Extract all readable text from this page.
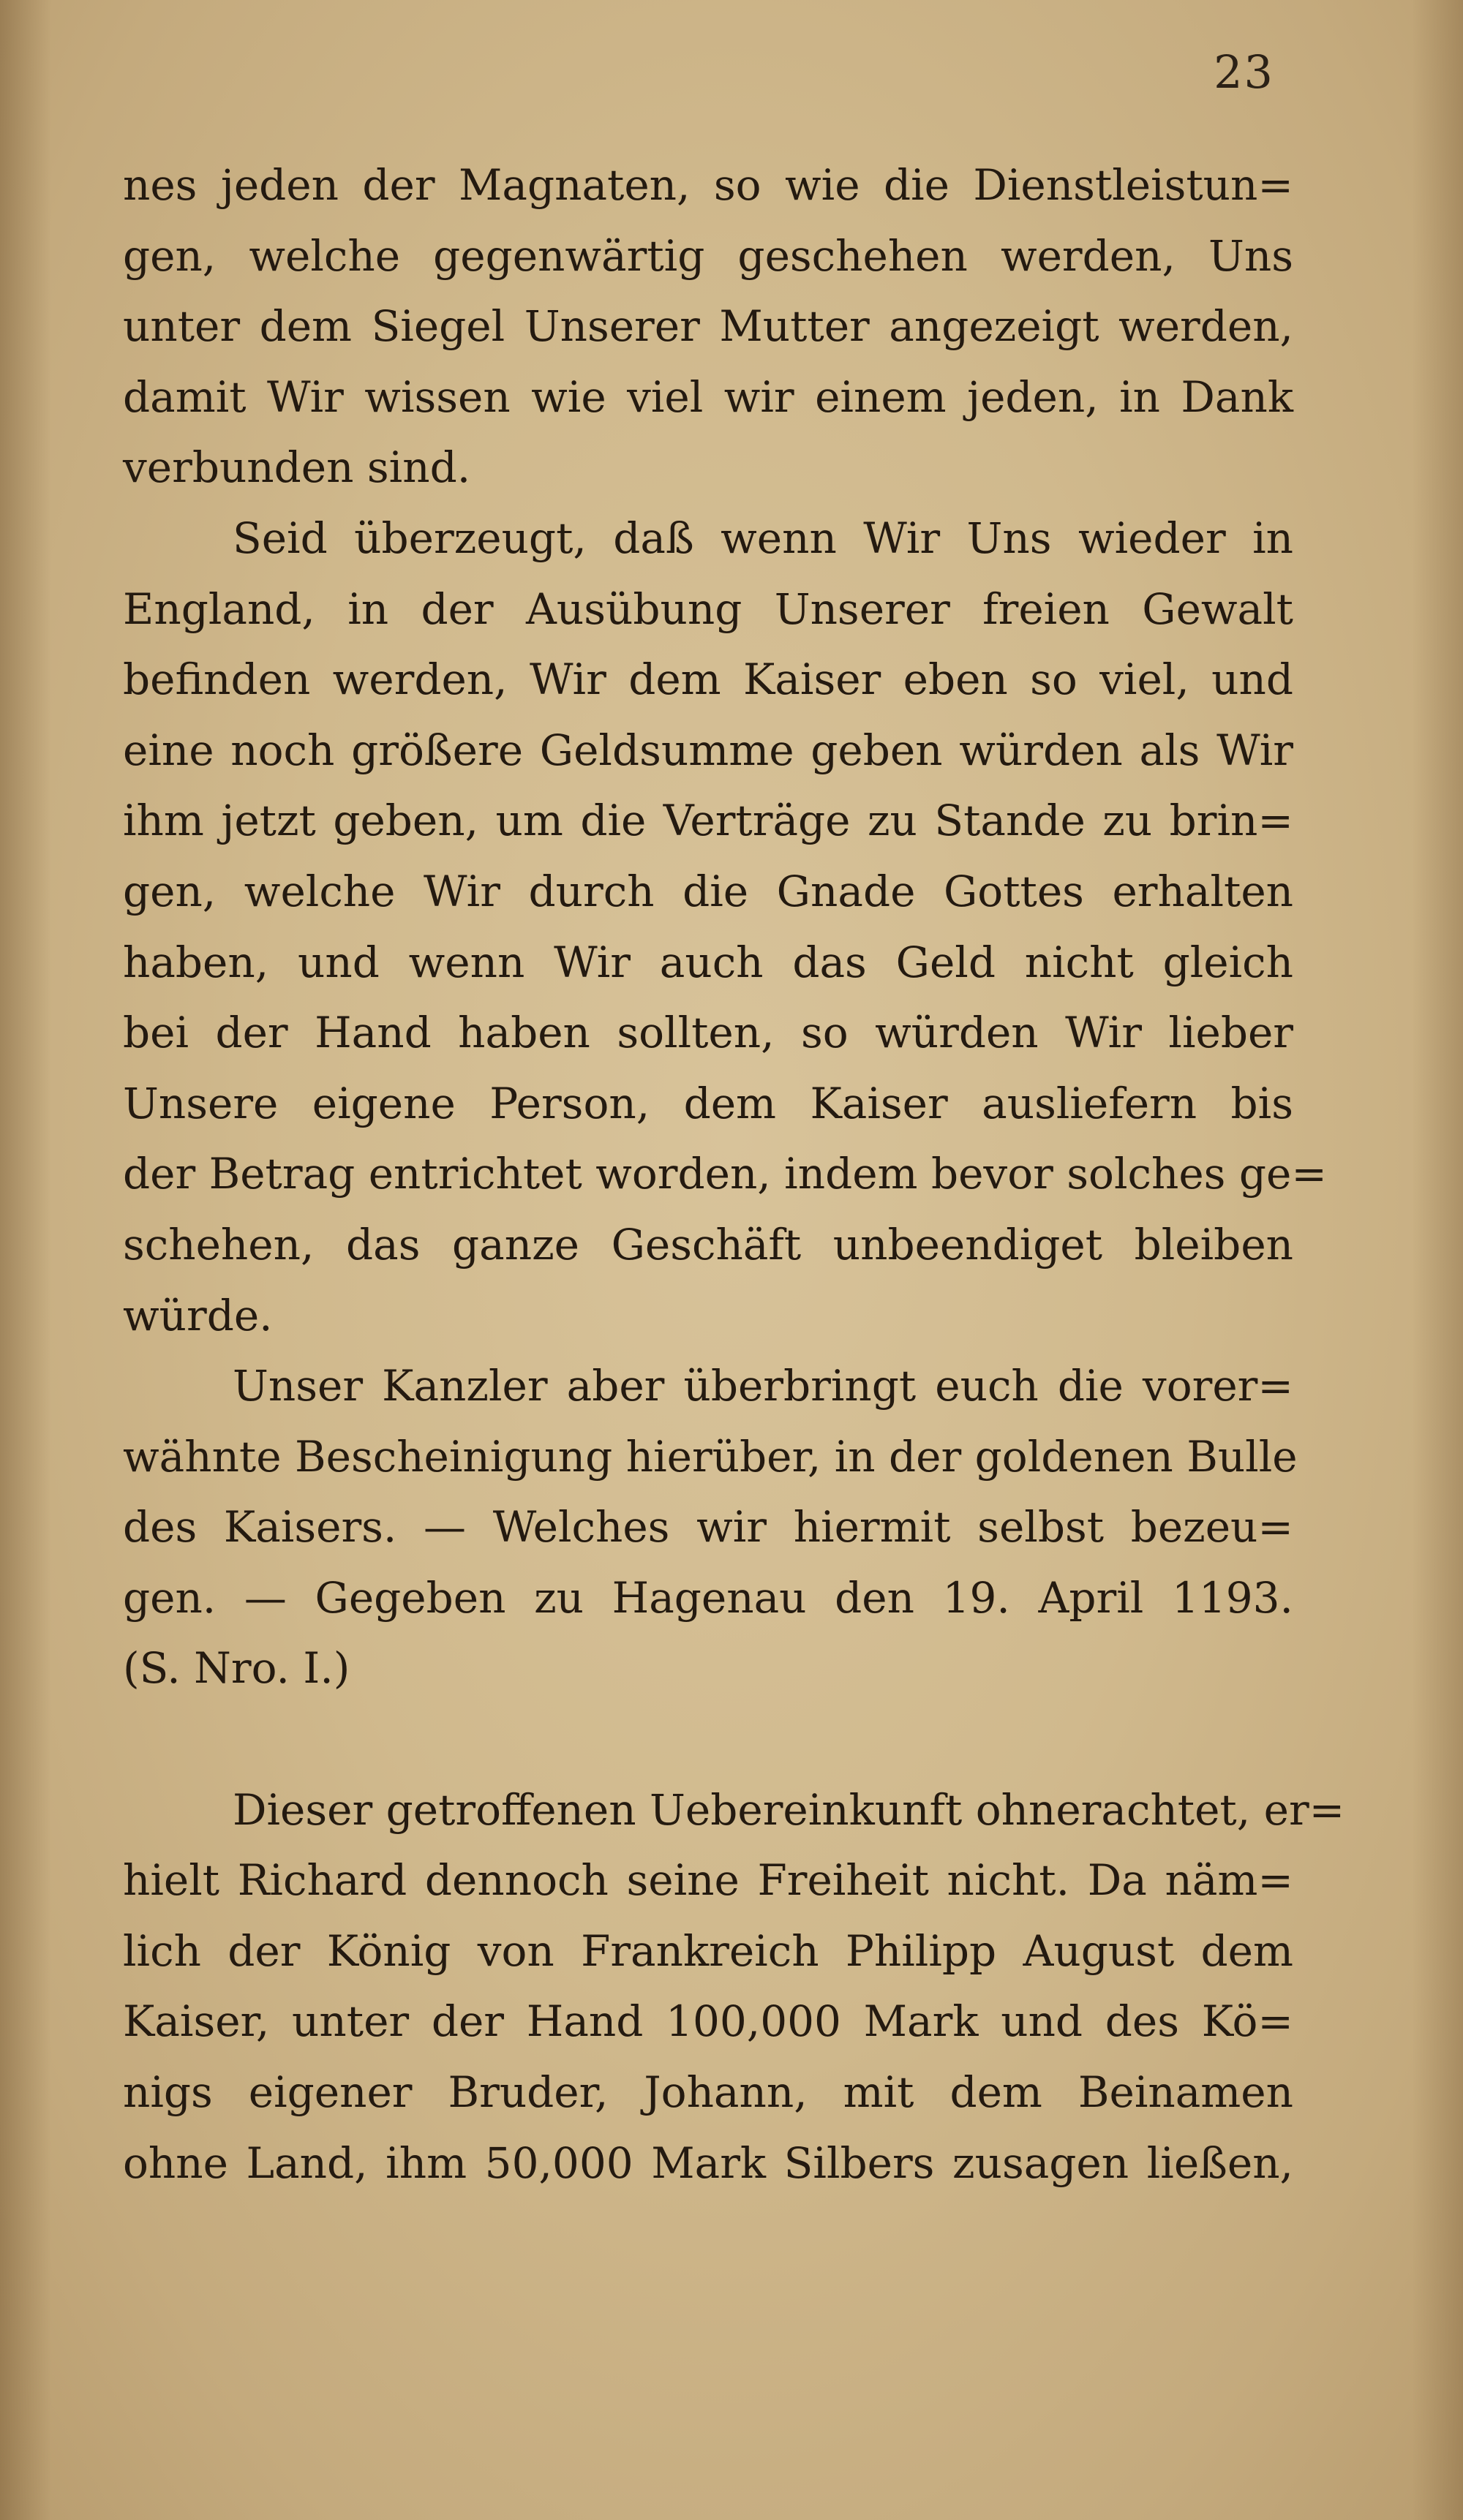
23
nes jeden der Magnaten, so wie die Dienstleistun=
gen, welche gegenwärtig geschehen werden, Uns
unter dem Siegel Unserer Mutter angezeigt werden,
damit Wir wissen wie viel wir einem jeden, in Dank
verbunden sind.
Seid überzeugt, daß wenn Wir Uns wieder in
England, in der Ausübung Unserer freien Gewalt
befinden werden, Wir dem Kaiser eben so viel, und
eine noch größere Geldsumme geben würden als Wir
ihm jetzt geben, um die Verträge zu Stande zu brin=
gen, welche Wir durch die Gnade Gottes erhalten
haben, und wenn Wir auch das Geld nicht gleich
bei der Hand haben sollten, so würden Wir lieber
Unsere eigene Person, dem Kaiser ausliefern bis
der Betrag entrichtet worden, indem bevor solches ge=
schehen, das ganze Geschäft unbeendiget bleiben
würde.
Unser Kanzler aber überbringt euch die vorer=
wähnte Bescheinigung hierüber, in der goldenen Bulle
des Kaisers. — Welches wir hiermit selbst bezeu=
gen. — Gegeben zu Hagenau den 19. April 1193.
(S. Nro. I.)
Dieser getroffenen Uebereinkunft ohnerachtet, er=
hielt Richard dennoch seine Freiheit nicht. Da näm=
lich der König von Frankreich Philipp August dem
Kaiser, unter der Hand 100,000 Mark und des Kö=
nigs eigener Bruder, Johann, mit dem Beinamen
ohne Land, ihm 50,000 Mark Silbers zusagen ließen,
